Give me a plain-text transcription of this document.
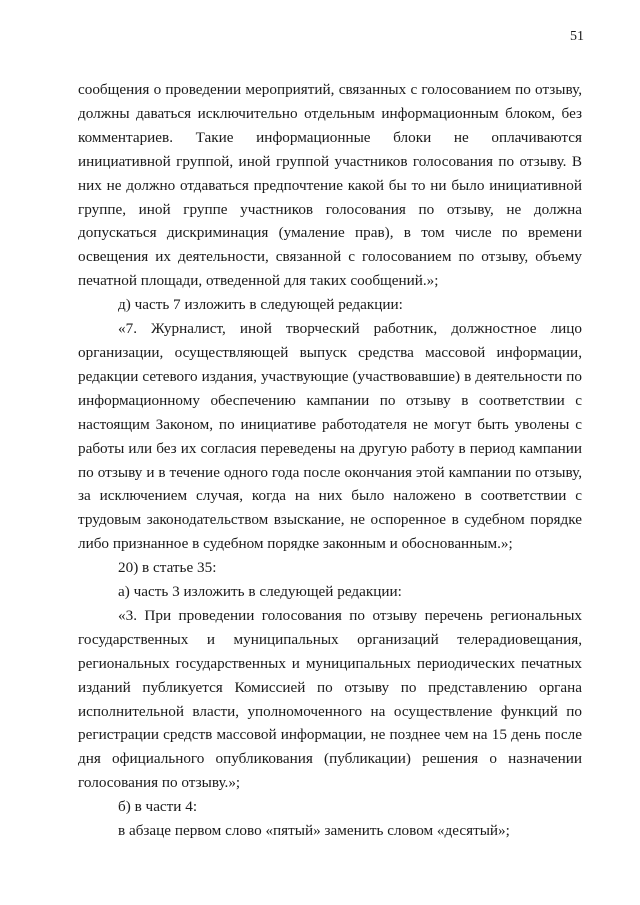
51

сообщения о проведении мероприятий, связанных с голосованием по отзыву, должны даваться исключительно отдельным информационным блоком, без комментариев. Такие информационные блоки не оплачиваются инициативной группой, иной группой участников голосования по отзыву. В них не должно отдаваться предпочтение какой бы то ни было инициативной группе, иной группе участников голосования по отзыву, не должна допускаться дискриминация (умаление прав), в том числе по времени освещения их деятельности, связанной с голосованием по отзыву, объему печатной площади, отведенной для таких сообщений.»;

д) часть 7 изложить в следующей редакции:

«7. Журналист, иной творческий работник, должностное лицо организации, осуществляющей выпуск средства массовой информации, редакции сетевого издания, участвующие (участвовавшие) в деятельности по информационному обеспечению кампании по отзыву в соответствии с настоящим Законом, по инициативе работодателя не могут быть уволены с работы или без их согласия переведены на другую работу в период кампании по отзыву и в течение одного года после окончания этой кампании по отзыву, за исключением случая, когда на них было наложено в соответствии с трудовым законодательством взыскание, не оспоренное в судебном порядке либо признанное в судебном порядке законным и обоснованным.»;

20) в статье 35:

а) часть 3 изложить в следующей редакции:

«3. При проведении голосования по отзыву перечень региональных государственных и муниципальных организаций телерадиовещания, региональных государственных и муниципальных периодических печатных изданий публикуется Комиссией по отзыву по представлению органа исполнительной власти, уполномоченного на осуществление функций по регистрации средств массовой информации, не позднее чем на 15 день после дня официального опубликования (публикации) решения о назначении голосования по отзыву.»;

б) в части 4:

в абзаце первом слово «пятый» заменить словом «десятый»;
